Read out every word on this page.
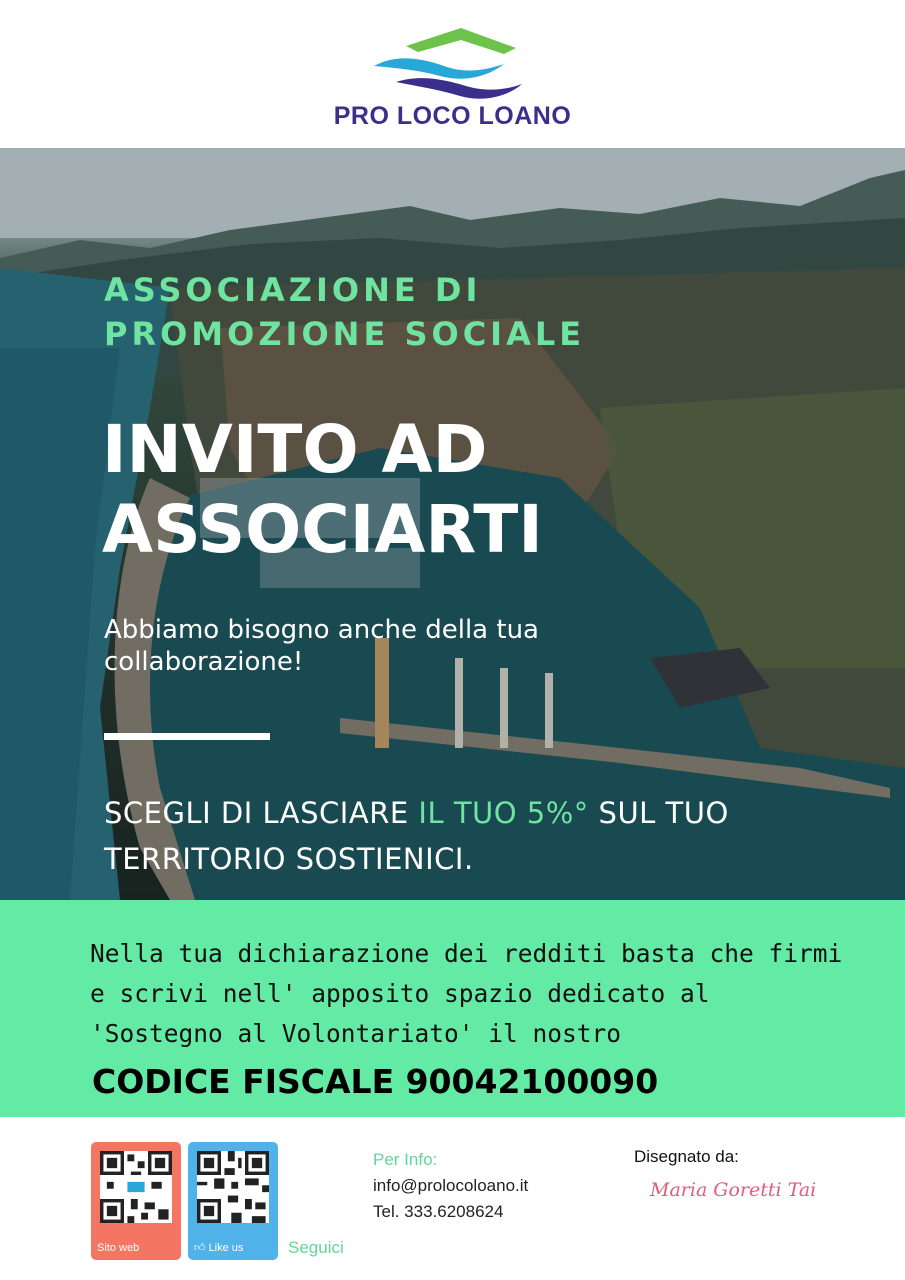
PRO LOCO LOANO
ASSOCIAZIONE DI PROMOZIONE SOCIALE
INVITO AD ASSOCIARTI
Abbiamo bisogno anche della tua collaborazione!
SCEGLI DI LASCIARE IL TUO 5%° SUL TUO TERRITORIO SOSTIENICI.
Nella tua dichiarazione dei redditi basta che firmi e scrivi nell' apposito spazio dedicato al 'Sostegno al Volontariato' il nostro
CODICE FISCALE 90042100090
Sito web	👍︎ Like us	Seguici
Per Info:
info@prolocoloano.it
Tel. 333.6208624
Disegnato da:
Maria Goretti Tai
